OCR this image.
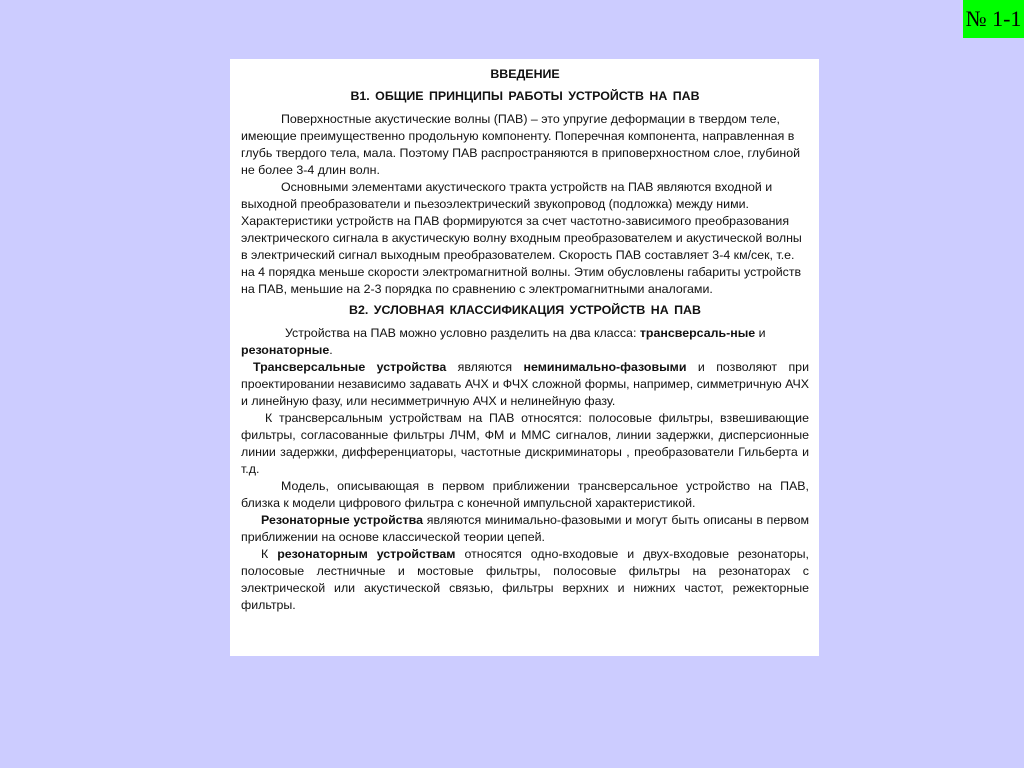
№ 1-1
ВВЕДЕНИЕ
В1. ОБЩИЕ ПРИНЦИПЫ РАБОТЫ УСТРОЙСТВ НА ПАВ

Поверхностные акустические волны (ПАВ) – это упругие деформации в твердом теле, имеющие преимущественно продольную компоненту. Поперечная компонента, направленная в глубь твердого тела, мала. Поэтому ПАВ распространяются в приповерхностном слое, глубиной не более 3-4 длин волн.

Основными элементами акустического тракта устройств на ПАВ являются входной и выходной преобразователи и пьезоэлектрический звукопровод (подложка) между ними. Характеристики устройств на ПАВ формируются за счет частотно-зависимого преобразования электрического сигнала в акустическую волну входным преобразователем и акустической волны в электрический сигнал выходным преобразователем. Скорость ПАВ составляет 3-4 км/сек, т.е. на 4 порядка меньше скорости электромагнитной волны. Этим обусловлены габариты устройств на ПАВ, меньшие на 2-3 порядка по сравнению с электромагнитными аналогами.

В2. УСЛОВНАЯ КЛАССИФИКАЦИЯ УСТРОЙСТВ НА ПАВ

Устройства на ПАВ можно условно разделить на два класса: трансверсаль-ные и резонаторные.

Трансверсальные устройства являются неминимально-фазовыми и позволяют при проектировании независимо задавать АЧХ и ФЧХ сложной формы, например, симметричную АЧХ и линейную фазу, или несимметричную АЧХ и нелинейную фазу.

К трансверсальным устройствам на ПАВ относятся: полосовые фильтры, взвешивающие фильтры, согласованные фильтры ЛЧМ, ФМ и ММС сигналов, линии задержки, дисперсионные линии задержки, дифференциаторы, частотные дискриминаторы , преобразователи Гильберта и т.д.

Модель, описывающая в первом приближении трансверсальное устройство на ПАВ, близка к модели цифрового фильтра с конечной импульсной характеристикой.

Резонаторные устройства являются минимально-фазовыми и могут быть описаны в первом приближении на основе классической теории цепей.

К резонаторным устройствам относятся одно-входовые и двух-входовые резонаторы, полосовые лестничные и мостовые фильтры, полосовые фильтры на резонаторах с электрической или акустической связью, фильтры верхних и нижних частот, режекторные фильтры.
